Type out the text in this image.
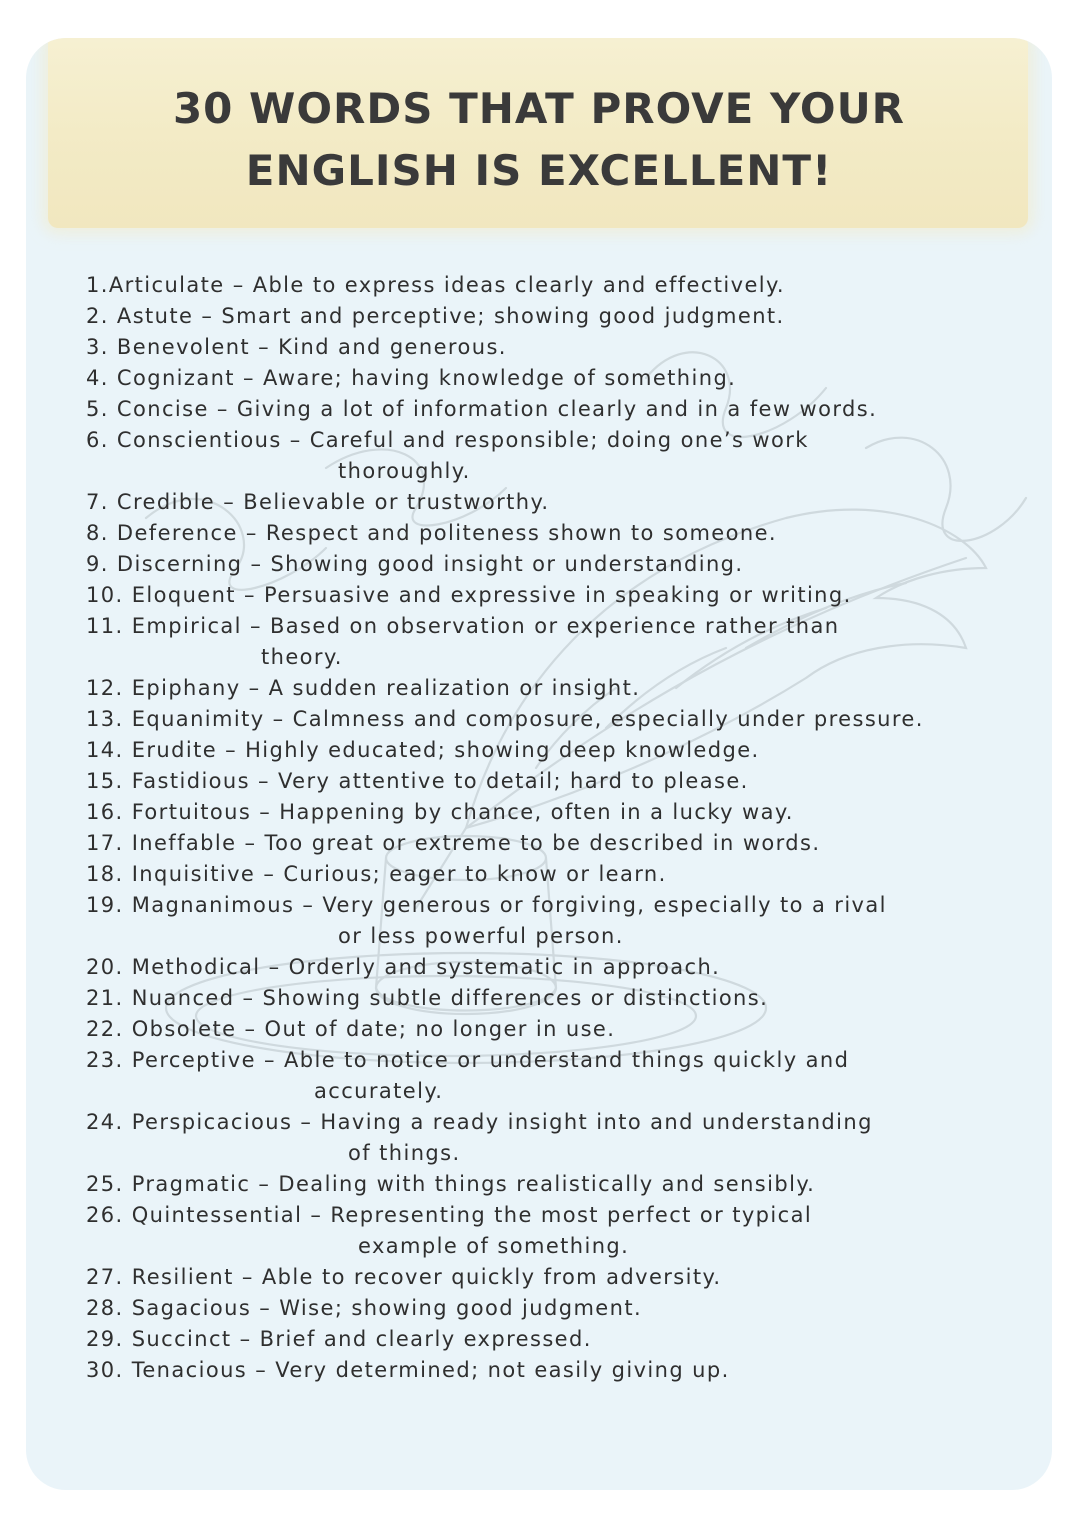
30 WORDS THAT PROVE YOUR
ENGLISH IS EXCELLENT!
1.Articulate – Able to express ideas clearly and effectively.
2. Astute – Smart and perceptive; showing good judgment.
3. Benevolent – Kind and generous.
4. Cognizant – Aware; having knowledge of something.
5. Concise – Giving a lot of information clearly and in a few words.
6. Conscientious – Careful and responsible; doing one’s work
thoroughly.
7. Credible – Believable or trustworthy.
8. Deference – Respect and politeness shown to someone.
9. Discerning – Showing good insight or understanding.
10. Eloquent – Persuasive and expressive in speaking or writing.
11. Empirical – Based on observation or experience rather than
theory.
12. Epiphany – A sudden realization or insight.
13. Equanimity – Calmness and composure, especially under pressure.
14. Erudite – Highly educated; showing deep knowledge.
15. Fastidious – Very attentive to detail; hard to please.
16. Fortuitous – Happening by chance, often in a lucky way.
17. Ineffable – Too great or extreme to be described in words.
18. Inquisitive – Curious; eager to know or learn.
19. Magnanimous – Very generous or forgiving, especially to a rival
or less powerful person.
20. Methodical – Orderly and systematic in approach.
21. Nuanced – Showing subtle differences or distinctions.
22. Obsolete – Out of date; no longer in use.
23. Perceptive – Able to notice or understand things quickly and
accurately.
24. Perspicacious – Having a ready insight into and understanding
of things.
25. Pragmatic – Dealing with things realistically and sensibly.
26. Quintessential – Representing the most perfect or typical
example of something.
27. Resilient – Able to recover quickly from adversity.
28. Sagacious – Wise; showing good judgment.
29. Succinct – Brief and clearly expressed.
30. Tenacious – Very determined; not easily giving up.
